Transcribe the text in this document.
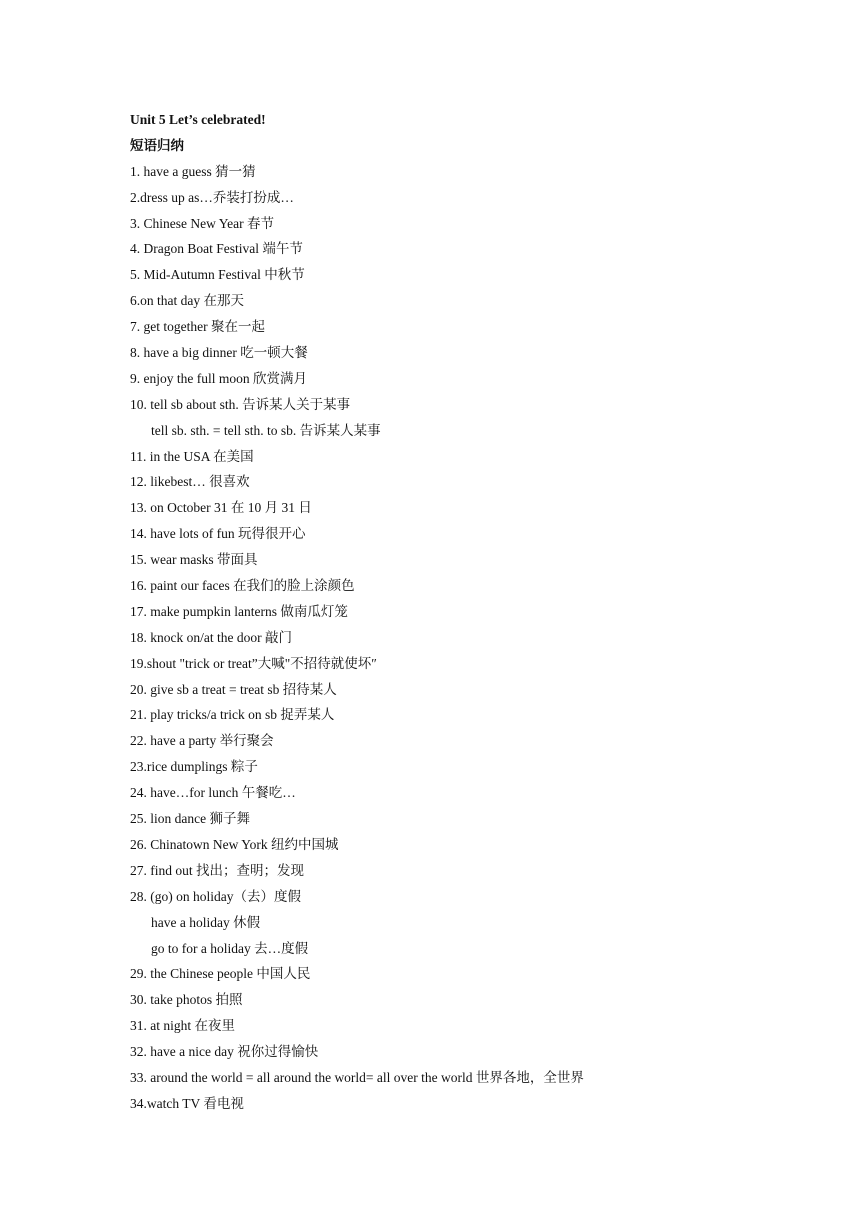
Unit 5 Let’s celebrated!
短语归纳
1. have a guess 猜一猜
2.dress up as…乔装打扮成…
3. Chinese New Year 春节
4. Dragon Boat Festival 端午节
5. Mid-Autumn Festival 中秋节
6.on that day 在那天
7. get together 聚在一起
8. have a big dinner 吃一顿大餐
9. enjoy the full moon 欣赏满月
10. tell sb about sth. 告诉某人关于某事
tell sb. sth. = tell sth. to sb. 告诉某人某事
11. in the USA 在美国
12. likebest… 很喜欢
13. on October 31 在 10 月 31 日
14. have lots of fun 玩得很开心
15. wear masks 带面具
16. paint our faces 在我们的脸上涂颜色
17. make pumpkin lanterns 做南瓜灯笼
18. knock on/at the door 敲门
19.shout "trick or treat”大喊"不招待就使坏″
20. give sb a treat = treat sb 招待某人
21. play tricks/a trick on sb 捉弄某人
22. have a party 举行聚会
23.rice dumplings 粽子
24. have…for lunch 午餐吃…
25. lion dance 狮子舞
26. Chinatown New York 纽约中国城
27. find out 找出；查明；发现
28. (go) on holiday（去）度假
have a holiday 休假
go to for a holiday 去…度假
29. the Chinese people 中国人民
30. take photos 拍照
31. at night 在夜里
32. have a nice day 祝你过得愉快
33. around the world = all around the world= all over the world 世界各地，全世界
34.watch TV 看电视
